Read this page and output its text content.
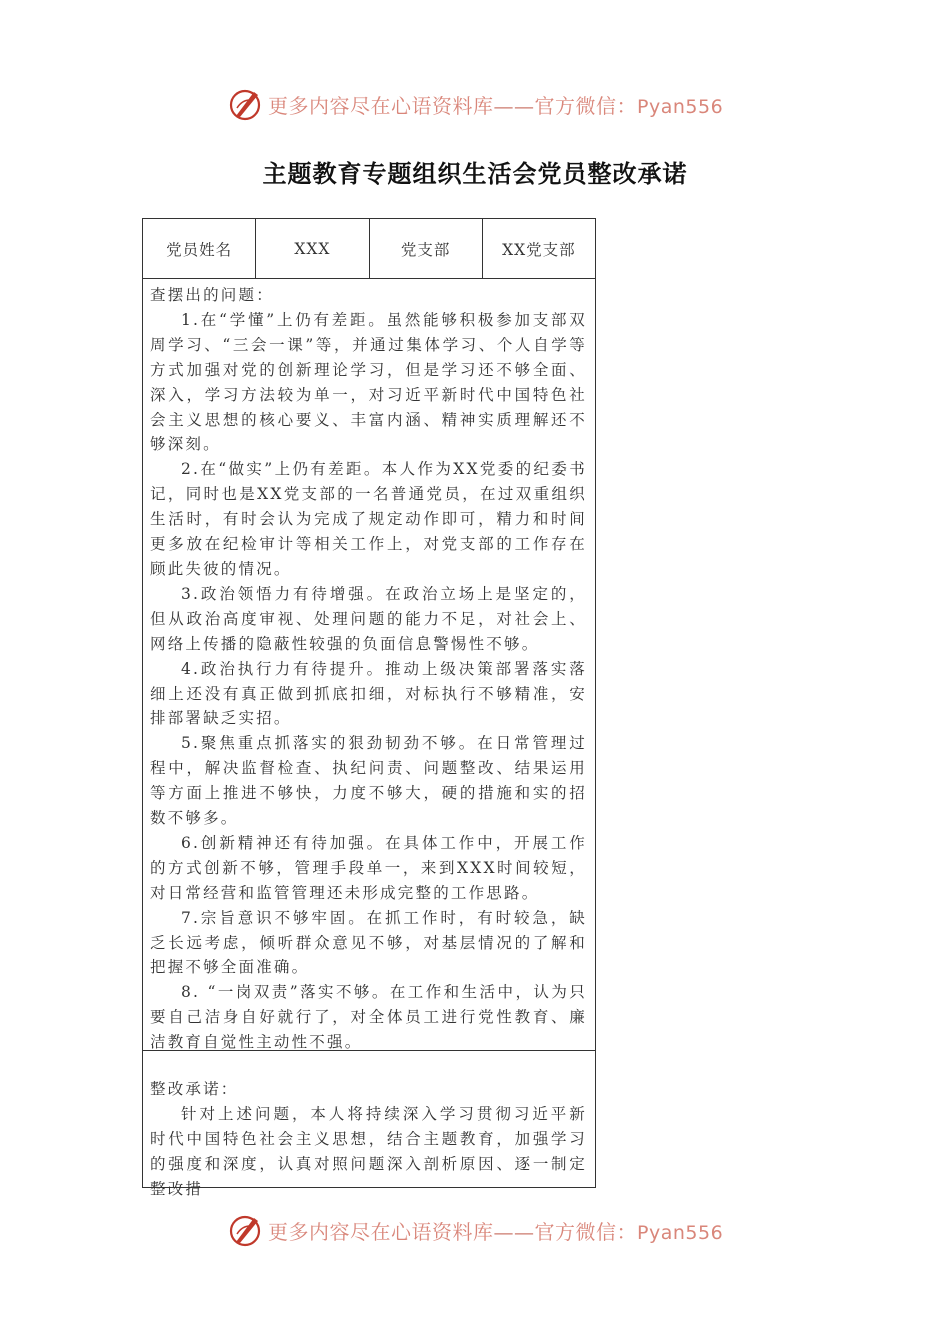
更多内容尽在心语资料库——官方微信：Pyan556
主题教育专题组织生活会党员整改承诺
党员姓名	XXX	党支部	XX党支部

查摆出的问题：

1.在“学懂”上仍有差距。虽然能够积极参加支部双周学习、“三会一课”等，并通过集体学习、个人自学等方式加强对党的创新理论学习，但是学习还不够全面、深入，学习方法较为单一，对习近平新时代中国特色社会主义思想的核心要义、丰富内涵、精神实质理解还不够深刻。

2.在“做实”上仍有差距。本人作为XX党委的纪委书记，同时也是XX党支部的一名普通党员，在过双重组织生活时，有时会认为完成了规定动作即可，精力和时间更多放在纪检审计等相关工作上，对党支部的工作存在顾此失彼的情况。

3.政治领悟力有待增强。在政治立场上是坚定的，但从政治高度审视、处理问题的能力不足，对社会上、网络上传播的隐蔽性较强的负面信息警惕性不够。

4.政治执行力有待提升。推动上级决策部署落实落细上还没有真正做到抓底扣细，对标执行不够精准，安排部署缺乏实招。

5.聚焦重点抓落实的狠劲韧劲不够。在日常管理过程中，解决监督检查、执纪问责、问题整改、结果运用等方面上推进不够快，力度不够大，硬的措施和实的招数不够多。

6.创新精神还有待加强。在具体工作中，开展工作的方式创新不够，管理手段单一，来到XXX时间较短，对日常经营和监管管理还未形成完整的工作思路。

7.宗旨意识不够牢固。在抓工作时，有时较急，缺乏长远考虑，倾听群众意见不够，对基层情况的了解和把握不够全面准确。

8. “一岗双责”落实不够。在工作和生活中，认为只要自己洁身自好就行了，对全体员工进行党性教育、廉洁教育自觉性主动性不强。

整改承诺：

针对上述问题，本人将持续深入学习贯彻习近平新时代中国特色社会主义思想，结合主题教育，加强学习的强度和深度，认真对照问题深入剖析原因、逐一制定整改措

更多内容尽在心语资料库——官方微信：Pyan556
